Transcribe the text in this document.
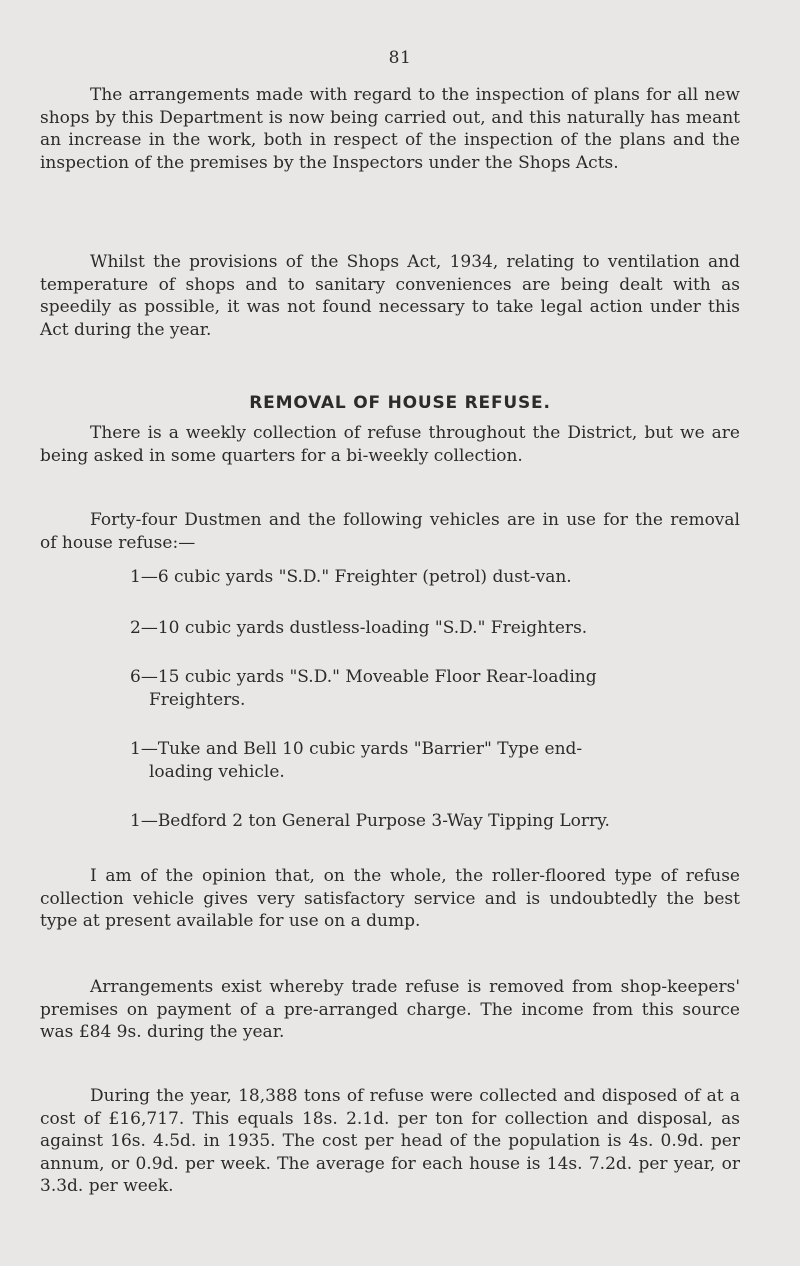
81

The arrangements made with regard to the inspection of plans for all new shops by this Department is now being carried out, and this naturally has meant an increase in the work, both in respect of the inspection of the plans and the inspection of the premises by the Inspectors under the Shops Acts.

Whilst the provisions of the Shops Act, 1934, relating to ventilation and temperature of shops and to sanitary conveniences are being dealt with as speedily as possible, it was not found necessary to take legal action under this Act during the year.

REMOVAL OF HOUSE REFUSE.

There is a weekly collection of refuse throughout the District, but we are being asked in some quarters for a bi-weekly collection.

Forty-four Dustmen and the following vehicles are in use for the removal of house refuse:—

1—6 cubic yards "S.D." Freighter (petrol) dust-van.
2—10 cubic yards dustless-loading "S.D." Freighters.
6—15 cubic yards "S.D." Moveable Floor Rear-loading
Freighters.
1—Tuke and Bell 10 cubic yards "Barrier" Type end-
loading vehicle.
1—Bedford 2 ton General Purpose 3-Way Tipping Lorry.

I am of the opinion that, on the whole, the roller-floored type of refuse collection vehicle gives very satisfactory service and is undoubtedly the best type at present available for use on a dump.

Arrangements exist whereby trade refuse is removed from shop-keepers' premises on payment of a pre-arranged charge. The income from this source was £84 9s. during the year.

During the year, 18,388 tons of refuse were collected and disposed of at a cost of £16,717. This equals 18s. 2.1d. per ton for collection and disposal, as against 16s. 4.5d. in 1935. The cost per head of the population is 4s. 0.9d. per annum, or 0.9d. per week. The average for each house is 14s. 7.2d. per year, or 3.3d. per week.
